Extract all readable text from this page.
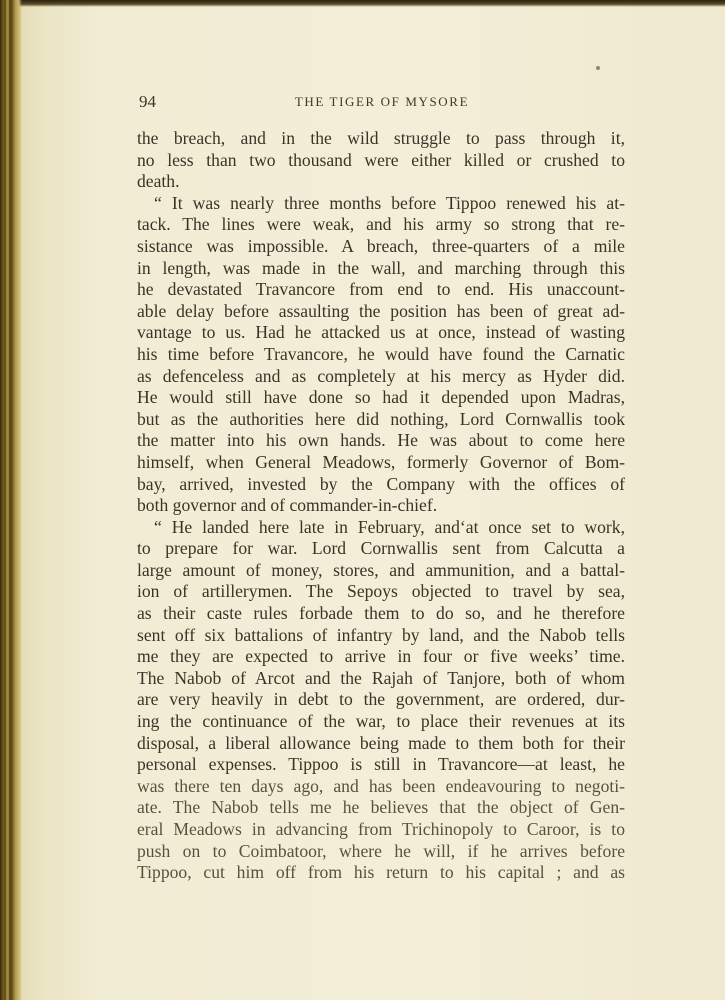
94	THE TIGER OF MYSORE
the breach, and in the wild struggle to pass through it,
no less than two thousand were either killed or crushed to
death.
“ It was nearly three months before Tippoo renewed his at-
tack. The lines were weak, and his army so strong that re-
sistance was impossible. A breach, three-quarters of a mile
in length, was made in the wall, and marching through this
he devastated Travancore from end to end. His unaccount-
able delay before assaulting the position has been of great ad-
vantage to us. Had he attacked us at once, instead of wasting
his time before Travancore, he would have found the Carnatic
as defenceless and as completely at his mercy as Hyder did.
He would still have done so had it depended upon Madras,
but as the authorities here did nothing, Lord Cornwallis took
the matter into his own hands. He was about to come here
himself, when General Meadows, formerly Governor of Bom-
bay, arrived, invested by the Company with the offices of
both governor and of commander-in-chief.
“ He landed here late in February, and‘at once set to work,
to prepare for war. Lord Cornwallis sent from Calcutta a
large amount of money, stores, and ammunition, and a battal-
ion of artillerymen. The Sepoys objected to travel by sea,
as their caste rules forbade them to do so, and he therefore
sent off six battalions of infantry by land, and the Nabob tells
me they are expected to arrive in four or five weeks’ time.
The Nabob of Arcot and the Rajah of Tanjore, both of whom
are very heavily in debt to the government, are ordered, dur-
ing the continuance of the war, to place their revenues at its
disposal, a liberal allowance being made to them both for their
personal expenses. Tippoo is still in Travancore—at least, he
was there ten days ago, and has been endeavouring to negoti-
ate. The Nabob tells me he believes that the object of Gen-
eral Meadows in advancing from Trichinopoly to Caroor, is to
push on to Coimbatoor, where he will, if he arrives before
Tippoo, cut him off from his return to his capital ; and as
